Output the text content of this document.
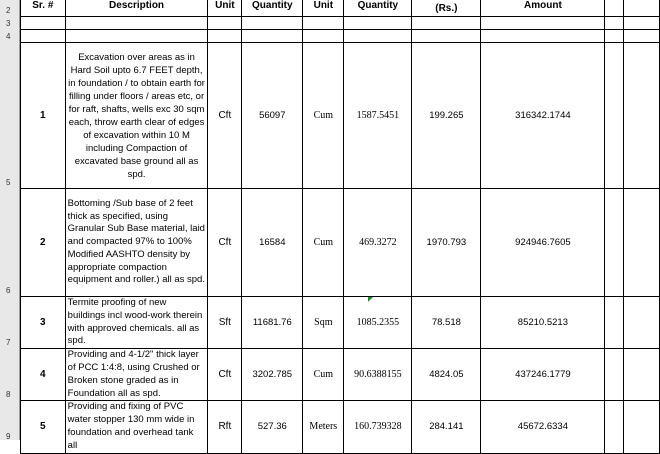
2
3
4
5
6
7
8
9
Sr. #	Description	Unit	Quantity	Unit	Quantity	(Rs.)	Amount		

1	Excavation over areas as in Hard Soil upto 6.7 FEET depth, in foundation / to obtain earth for filling under floors / areas etc, or for raft, shafts, wells exc 30 sqm each, throw earth clear of edges of excavation within 10 M including Compaction of excavated base ground all as spd.	Cft	56097	Cum	1587.5451	199.265	316342.1744		
2	Bottoming /Sub base of 2 feet thick as specified, using Granular Sub Base material, laid and compacted 97% to 100% Modified AASHTO density by appropriate compaction equipment and roller.) all as spd.	Cft	16584	Cum	469.3272	1970.793	924946.7605		
3	Termite proofing of new buildings incl wood-work therein with approved chemicals. all as spd.	Sft	11681.76	Sqm	1085.2355	78.518	85210.5213		
4	Providing and 4-1/2" thick layer of PCC 1:4:8, using Crushed or Broken stone graded as in Foundation all as spd.	Cft	3202.785	Cum	90.6388155	4824.05	437246.1779		
5	Providing and fixing of PVC water stopper 130 mm wide in foundation and overhead tank all	Rft	527.36	Meters	160.739328	284.141	45672.6334		
